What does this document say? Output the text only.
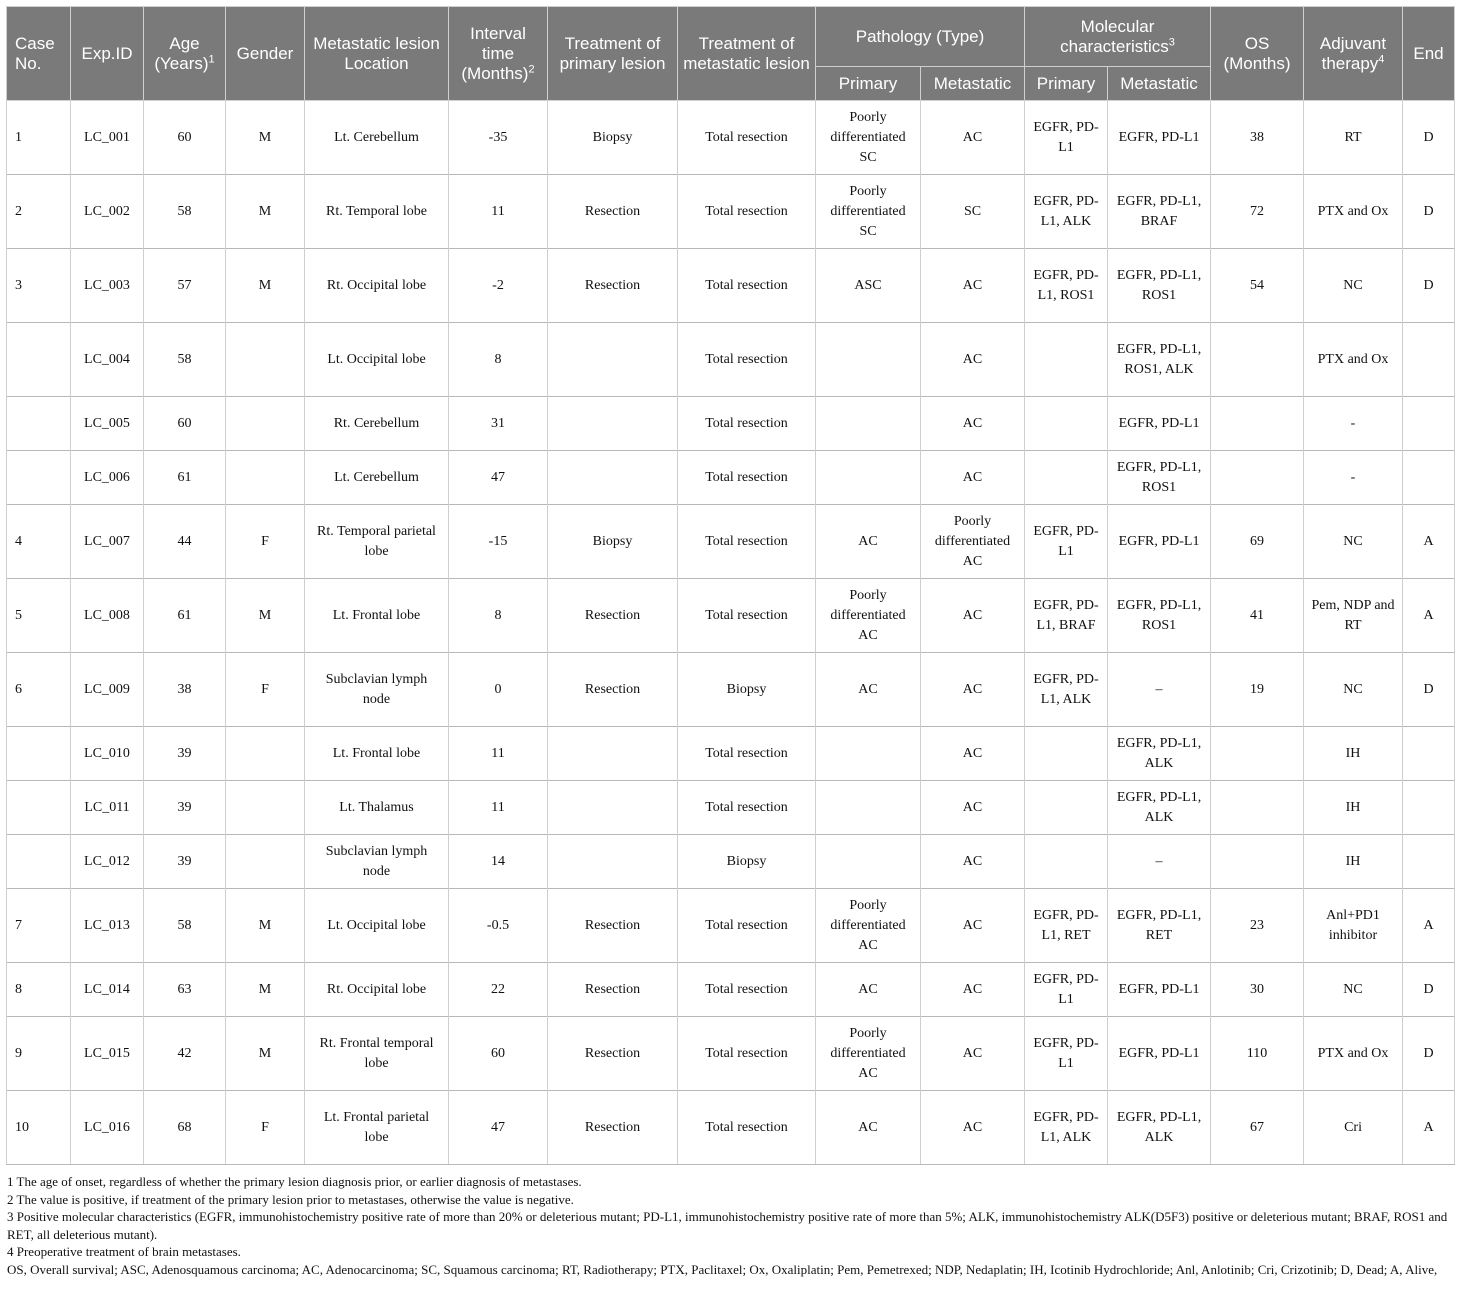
Case No.	Exp.ID	Age (Years)$^1$	Gender	Metastatic lesion Location	Interval time (Months)$^2$	Treatment of primary lesion	Treatment of metastatic lesion	Pathology (Type)		Molecular characteristics$^3$		OS (Months)	Adjuvant therapy$^4$	End
								Primary	Metastatic	Primary	Metastatic			
1	LC_001	60	M	Lt. Cerebellum	-35	Biopsy	Total resection	Poorly differentiated SC	AC	EGFR, PD-L1	EGFR, PD-L1	38	RT	D
2	LC_002	58	M	Rt. Temporal lobe	11	Resection	Total resection	Poorly differentiated SC	SC	EGFR, PD-L1, ALK	EGFR, PD-L1, BRAF	72	PTX and Ox	D
3	LC_003	57	M	Rt. Occipital lobe	-2	Resection	Total resection	ASC	AC	EGFR, PD-L1, ROS1	EGFR, PD-L1, ROS1	54	NC	D
	LC_004	58		Lt. Occipital lobe	8		Total resection		AC		EGFR, PD-L1, ROS1, ALK		PTX and Ox	
	LC_005	60		Rt. Cerebellum	31		Total resection		AC		EGFR, PD-L1		-	
	LC_006	61		Lt. Cerebellum	47		Total resection		AC		EGFR, PD-L1, ROS1		-	
4	LC_007	44	F	Rt. Temporal parietal lobe	-15	Biopsy	Total resection	AC	Poorly differentiated AC	EGFR, PD-L1	EGFR, PD-L1	69	NC	A
5	LC_008	61	M	Lt. Frontal lobe	8	Resection	Total resection	Poorly differentiated AC	AC	EGFR, PD-L1, BRAF	EGFR, PD-L1, ROS1	41	Pem, NDP and RT	A
6	LC_009	38	F	Subclavian lymph node	0	Resection	Biopsy	AC	AC	EGFR, PD-L1, ALK	–	19	NC	D
	LC_010	39		Lt. Frontal lobe	11		Total resection		AC		EGFR, PD-L1, ALK		IH	
	LC_011	39		Lt. Thalamus	11		Total resection		AC		EGFR, PD-L1, ALK		IH	
	LC_012	39		Subclavian lymph node	14		Biopsy		AC		–		IH	
7	LC_013	58	M	Lt. Occipital lobe	-0.5	Resection	Total resection	Poorly differentiated AC	AC	EGFR, PD-L1, RET	EGFR, PD-L1, RET	23	Anl+PD1 inhibitor	A
8	LC_014	63	M	Rt. Occipital lobe	22	Resection	Total resection	AC	AC	EGFR, PD-L1	EGFR, PD-L1	30	NC	D
9	LC_015	42	M	Rt. Frontal temporal lobe	60	Resection	Total resection	Poorly differentiated AC	AC	EGFR, PD-L1	EGFR, PD-L1	110	PTX and Ox	D
10	LC_016	68	F	Lt. Frontal parietal lobe	47	Resection	Total resection	AC	AC	EGFR, PD-L1, ALK	EGFR, PD-L1, ALK	67	Cri	A
1 The age of onset, regardless of whether the primary lesion diagnosis prior, or earlier diagnosis of metastases.
2 The value is positive, if treatment of the primary lesion prior to metastases, otherwise the value is negative.
3 Positive molecular characteristics (EGFR, immunohistochemistry positive rate of more than 20% or deleterious mutant; PD-L1, immunohistochemistry positive rate of more than 5%; ALK, immunohistochemistry ALK(D5F3) positive or deleterious mutant; BRAF, ROS1 and RET, all deleterious mutant).
4 Preoperative treatment of brain metastases.
OS, Overall survival; ASC, Adenosquamous carcinoma; AC, Adenocarcinoma; SC, Squamous carcinoma; RT, Radiotherapy; PTX, Paclitaxel; Ox, Oxaliplatin; Pem, Pemetrexed; NDP, Nedaplatin; IH, Icotinib Hydrochloride; Anl, Anlotinib; Cri, Crizotinib; D, Dead; A, Alive,
